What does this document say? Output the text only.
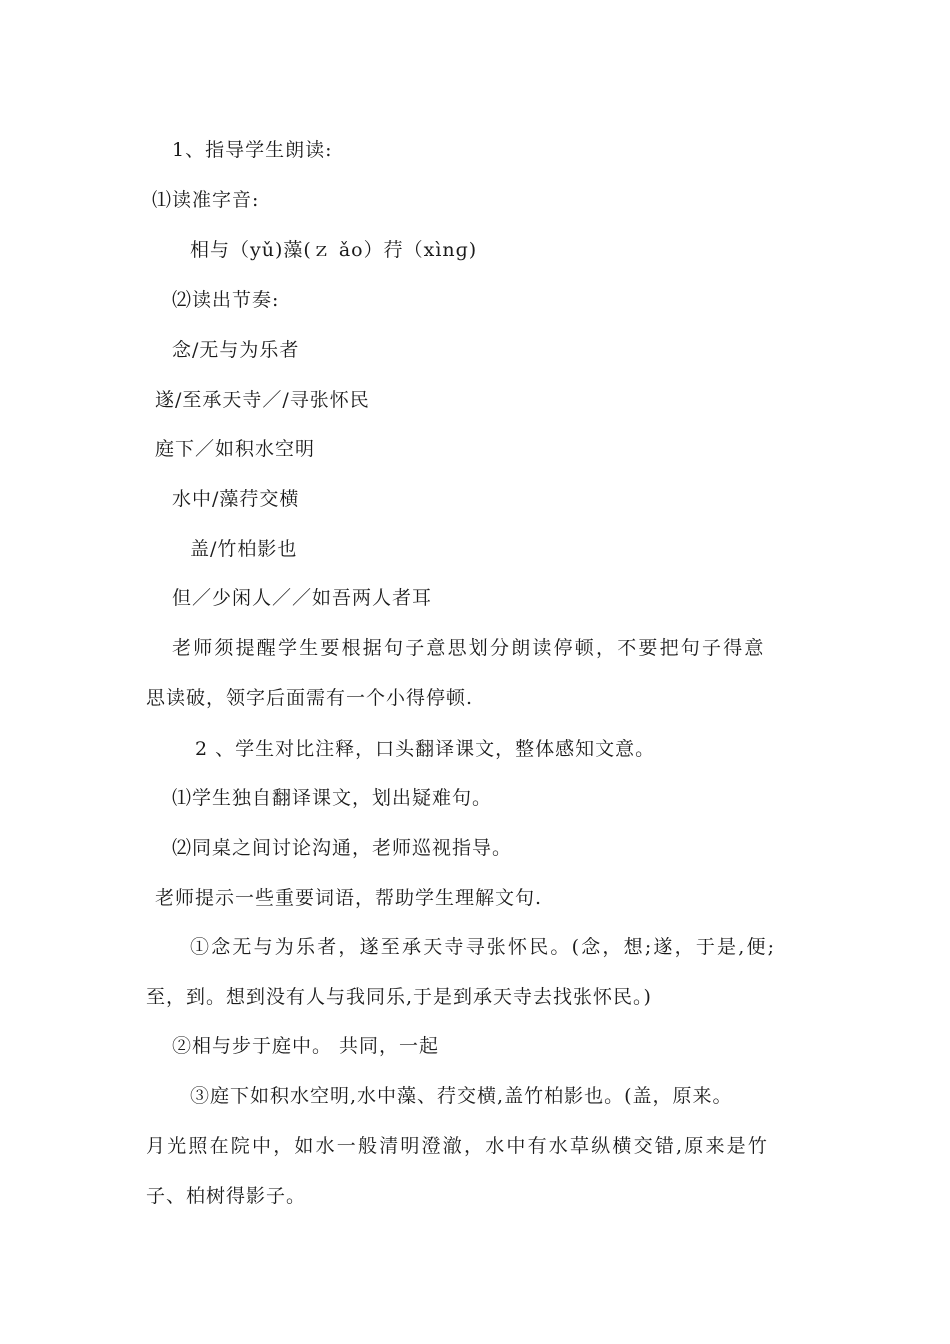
1、指导学生朗读:
⑴读准字音:
相与（yǔ)藻(ｚ ǎo）荇（xìnɡ)
⑵读出节奏:
念/无与为乐者
遂/至承天寺／/寻张怀民
庭下／如积水空明
水中/藻荇交横
盖/竹柏影也
但／少闲人／／如吾两人者耳
老师须提醒学生要根据句子意思划分朗读停顿，不要把句子得意
思读破，领字后面需有一个小得停顿.
2 、学生对比注释，口头翻译课文，整体感知文意。
⑴学生独自翻译课文，划出疑难句。
⑵同桌之间讨论沟通，老师巡视指导。
老师提示一些重要词语，帮助学生理解文句.
①念无与为乐者，遂至承天寺寻张怀民。(念，想;遂，于是,便;
至，到。想到没有人与我同乐,于是到承天寺去找张怀民。)
②相与步于庭中。 共同，一起
③庭下如积水空明,水中藻、荇交横,盖竹柏影也。(盖，原来。
月光照在院中，如水一般清明澄澈，水中有水草纵横交错,原来是竹
子、柏树得影子。
